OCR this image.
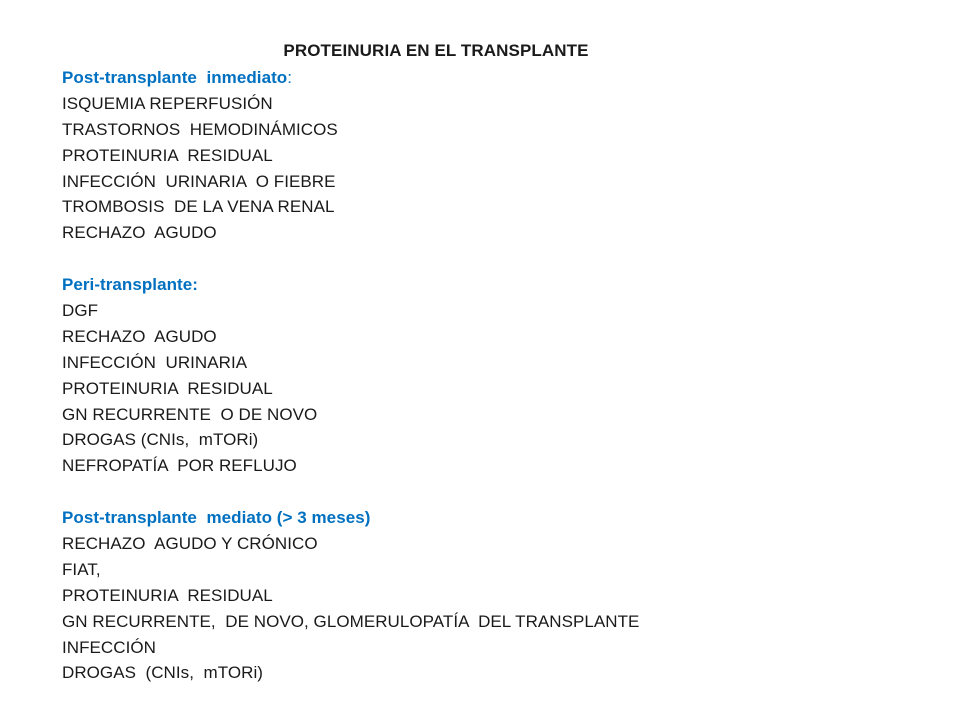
PROTEINURIA EN EL TRANSPLANTE
Post-transplante  inmediato:
ISQUEMIA REPERFUSIÓN
TRASTORNOS  HEMODINÁMICOS
PROTEINURIA  RESIDUAL
INFECCIÓN  URINARIA  O FIEBRE
TROMBOSIS  DE LA VENA RENAL
RECHAZO  AGUDO
Peri-transplante:
DGF
RECHAZO  AGUDO
INFECCIÓN  URINARIA
PROTEINURIA  RESIDUAL
GN RECURRENTE  O DE NOVO
DROGAS (CNIs,  mTORi)
NEFROPATÍA  POR REFLUJO
Post-transplante  mediato (> 3 meses)
RECHAZO  AGUDO Y CRÓNICO
FIAT,
PROTEINURIA  RESIDUAL
GN RECURRENTE,  DE NOVO, GLOMERULOPATÍA  DEL TRANSPLANTE
INFECCIÓN
DROGAS  (CNIs,  mTORi)
